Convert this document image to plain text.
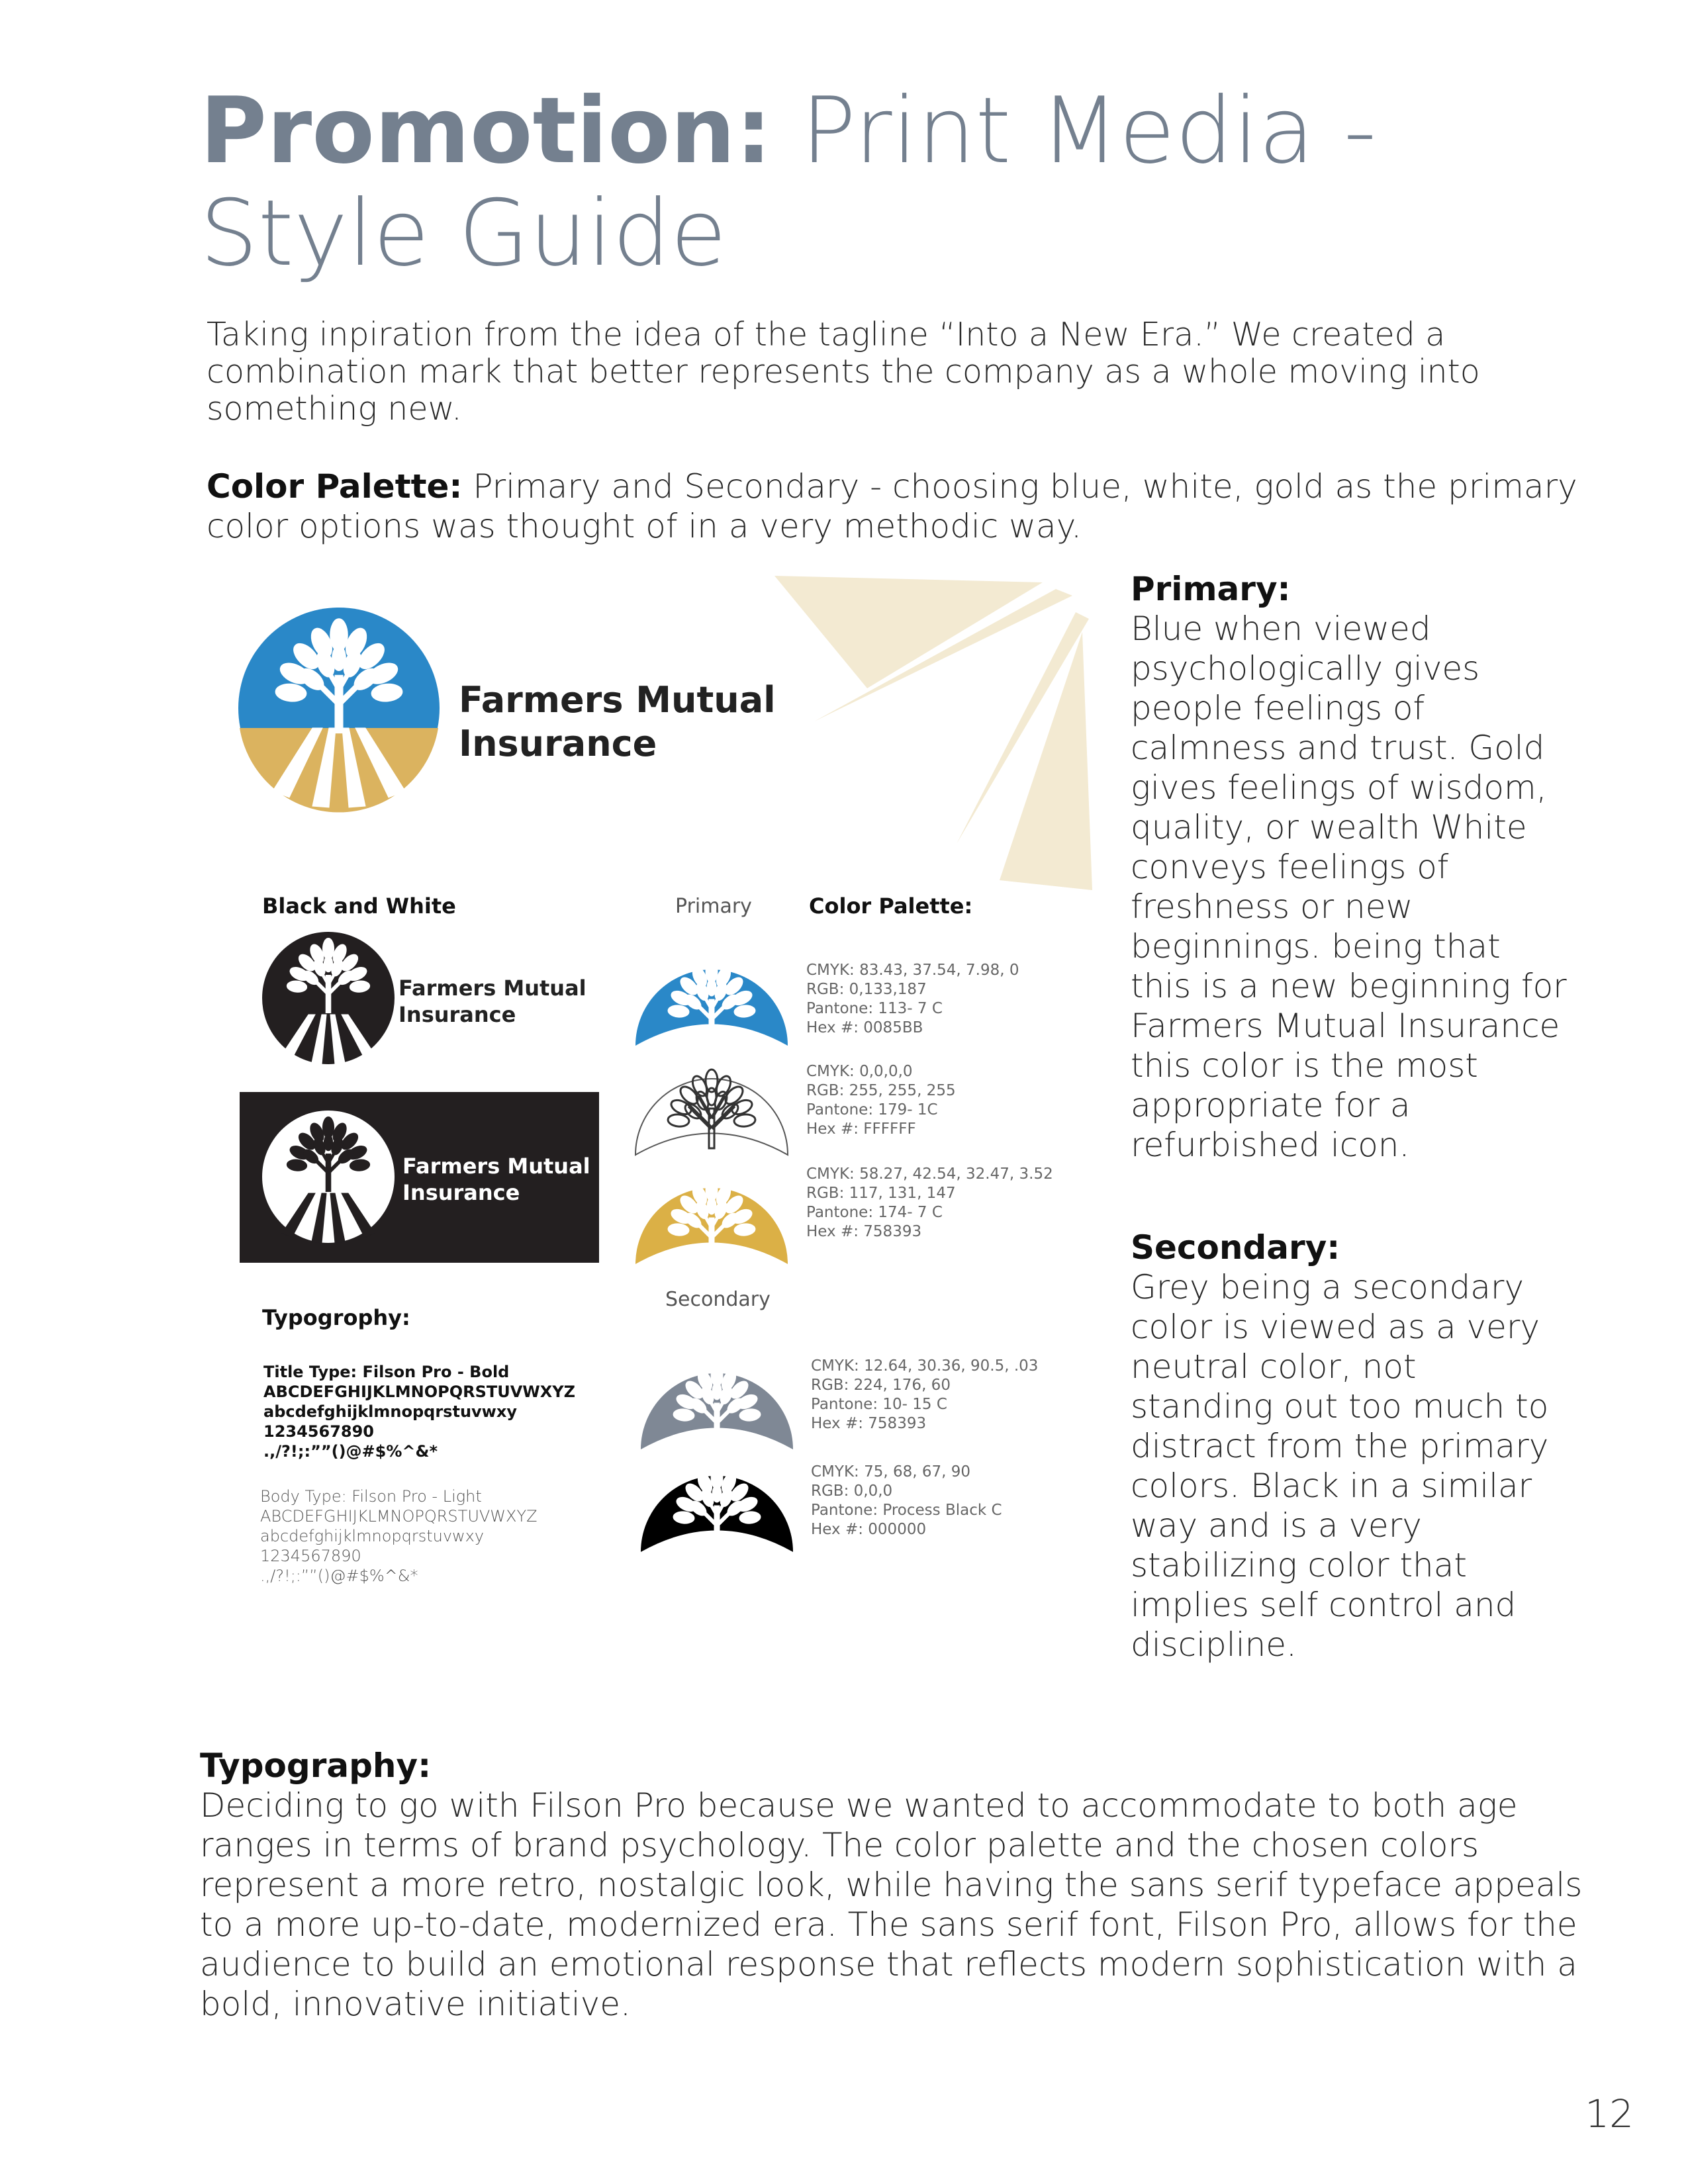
Promotion: Print Media -
Style Guide
Taking inpiration from the idea of the tagline “Into a New Era.” We created a combination mark that better represents the company as a whole moving into something new.
Color Palette: Primary and Secondary - choosing blue, white, gold as the primary color options was thought of in a very methodic way.
Farmers Mutual
Insurance
Black and White	Primary	Color Palette:
Secondary
Typogrophy:
Farmers Mutual
Insurance
Farmers Mutual
Insurance
CMYK: 83.43, 37.54, 7.98, 0
RGB: 0,133,187
Pantone: 113- 7 C
Hex #: 0085BB
CMYK: 0,0,0,0
RGB: 255, 255, 255
Pantone: 179- 1C
Hex #: FFFFFF
CMYK: 58.27, 42.54, 32.47, 3.52
RGB: 117, 131, 147
Pantone: 174- 7 C
Hex #: 758393
CMYK: 12.64, 30.36, 90.5, .03
RGB: 224, 176, 60
Pantone: 10- 15 C
Hex #: 758393
CMYK: 75, 68, 67, 90
RGB: 0,0,0
Pantone: Process Black C
Hex #: 000000
Title Type: Filson Pro - Bold
ABCDEFGHIJKLMNOPQRSTUVWXYZ
abcdefghijklmnopqrstuvwxy
1234567890
.,/?!;:””()@#$%^&*
Body Type: Filson Pro - Light
ABCDEFGHIJKLMNOPQRSTUVWXYZ
abcdefghijklmnopqrstuvwxy
1234567890
.,/?!;:””()@#$%^&*
Primary:
Blue when viewed psychologically gives people feelings of calmness and trust. Gold gives feelings of wisdom, quality, or wealth White conveys feelings of freshness or new beginnings. being that this is a new beginning for Farmers Mutual Insurance this color is the most appropriate for a refurbished icon.
Secondary:
Grey being a secondary color is viewed as a very neutral color, not standing out too much to distract from the primary colors. Black in a similar way and is a very stabilizing color that implies self control and discipline.
Typography:
Deciding to go with Filson Pro because we wanted to accommodate to both age ranges in terms of brand psychology. The color palette and the chosen colors represent a more retro, nostalgic look, while having the sans serif typeface appeals to a more up-to-date, modernized era. The sans serif font, Filson Pro, allows for the audience to build an emotional response that reflects modern sophistication with a bold, innovative initiative.
12
